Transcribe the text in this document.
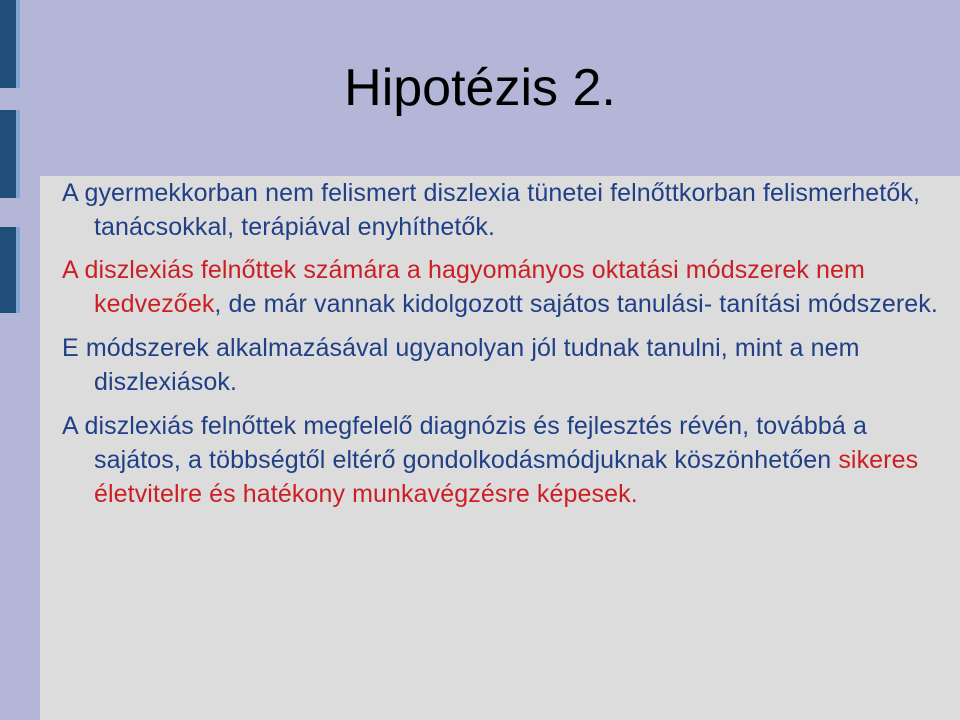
Hipotézis 2.

A gyermekkorban nem felismert diszlexia tünetei felnőttkorban felismerhetők, tanácsokkal, terápiával enyhíthetők.

A diszlexiás felnőttek számára a hagyományos oktatási módszerek nem kedvezőek, de már vannak kidolgozott sajátos tanulási- tanítási módszerek.

E módszerek alkalmazásával ugyanolyan jól tudnak tanulni, mint a nem diszlexiások.

A diszlexiás felnőttek megfelelő diagnózis és fejlesztés révén, továbbá a sajátos, a többségtől eltérő gondolkodásmódjuknak köszönhetően sikeres életvitelre és hatékony munkavégzésre képesek.
